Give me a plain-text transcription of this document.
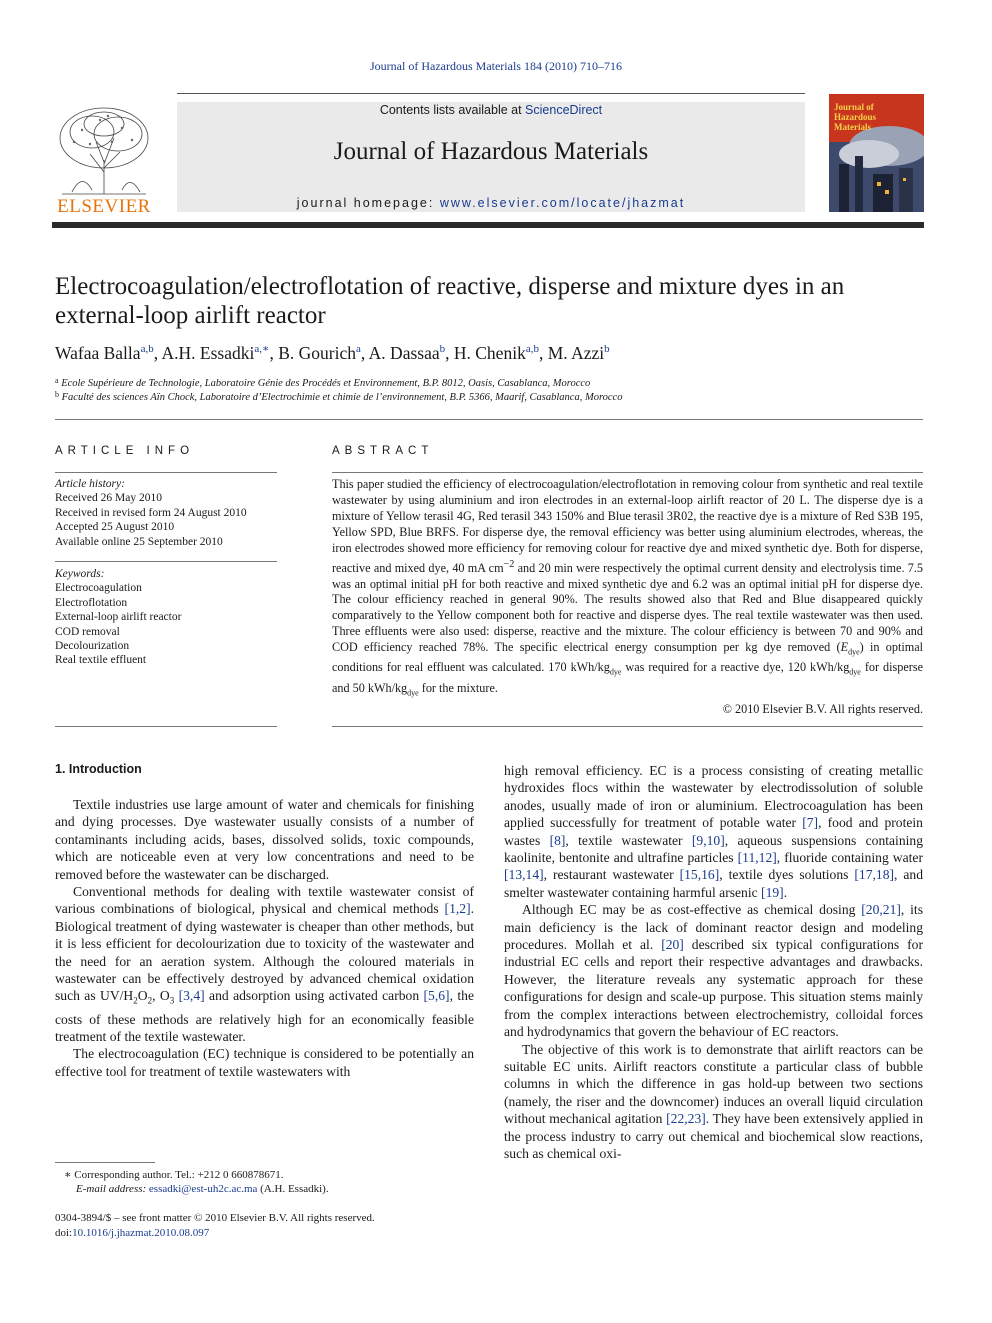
Journal of Hazardous Materials 184 (2010) 710–716
ELSEVIER
Contents lists available at ScienceDirect
Journal of Hazardous Materials
journal homepage: www.elsevier.com/locate/jhazmat
Journal of Hazardous Materials
Electrocoagulation/electroflotation of reactive, disperse and mixture dyes in an external-loop airlift reactor
Wafaa Balla$^{a,b}$, A.H. Essadki$^{a,∗}$, B. Gourich$^a$, A. Dassaa$^b$, H. Chenik$^{a,b}$, M. Azzi$^b$
$^a$ Ecole Supérieure de Technologie, Laboratoire Génie des Procédés et Environnement, B.P. 8012, Oasis, Casablanca, Morocco
$^b$ Faculté des sciences Aïn Chock, Laboratoire d’Electrochimie et chimie de l’environnement, B.P. 5366, Maarif, Casablanca, Morocco
ARTICLE INFO
Article history:
Received 26 May 2010
Received in revised form 24 August 2010
Accepted 25 August 2010
Available online 25 September 2010
Keywords:
Electrocoagulation
Electroflotation
External-loop airlift reactor
COD removal
Decolourization
Real textile effluent
ABSTRACT
This paper studied the efficiency of electrocoagulation/electroflotation in removing colour from synthetic and real textile wastewater by using aluminium and iron electrodes in an external-loop airlift reactor of 20 L. The disperse dye is a mixture of Yellow terasil 4G, Red terasil 343 150% and Blue terasil 3R02, the reactive dye is a mixture of Red S3B 195, Yellow SPD, Blue BRFS. For disperse dye, the removal efficiency was better using aluminium electrodes, whereas, the iron electrodes showed more efficiency for removing colour for reactive dye and mixed synthetic dye. Both for disperse, reactive and mixed dye, 40 mA $cm^{-2}$ and 20 min were respectively the optimal current density and electrolysis time. 7.5 was an optimal initial pH for both reactive and mixed synthetic dye and 6.2 was an optimal initial pH for disperse dye. The colour efficiency reached in general 90%. The results showed also that Red and Blue disappeared quickly comparatively to the Yellow component both for reactive and disperse dyes. The real textile wastewater was then used. Three effluents were also used: disperse, reactive and the mixture. The colour efficiency is between 70 and 90% and COD efficiency reached 78%. The specific electrical energy consumption per kg dye removed $(E_{dye})$ in optimal conditions for real effluent was calculated. 170 kWh/$kg_{dye}$ was required for a reactive dye, 120 kWh/$kg_{dye}$ for disperse and 50 kWh/$kg_{dye}$ for the mixture.
© 2010 Elsevier B.V. All rights reserved.
1. Introduction

Textile industries use large amount of water and chemicals for finishing and dying processes. Dye wastewater usually consists of a number of contaminants including acids, bases, dissolved solids, toxic compounds, which are noticeable even at very low concentrations and need to be removed before the wastewater can be discharged.

Conventional methods for dealing with textile wastewater consist of various combinations of biological, physical and chemical methods [1,2]. Biological treatment of dying wastewater is cheaper than other methods, but it is less efficient for decolourization due to toxicity of the wastewater and the need for an aeration system. Although the coloured materials in wastewater can be effectively destroyed by advanced chemical oxidation such as $UV/H_2O_2$, $O_3$ [3,4] and adsorption using activated carbon [5,6], the costs of these methods are relatively high for an economically feasible treatment of the textile wastewater.

The electrocoagulation (EC) technique is considered to be potentially an effective tool for treatment of textile wastewaters with

high removal efficiency. EC is a process consisting of creating metallic hydroxides flocs within the wastewater by electrodissolution of soluble anodes, usually made of iron or aluminium. Electrocoagulation has been applied successfully for treatment of potable water [7], food and protein wastes [8], textile wastewater [9,10], aqueous suspensions containing kaolinite, bentonite and ultrafine particles [11,12], fluoride containing water [13,14], restaurant wastewater [15,16], textile dyes solutions [17,18], and smelter wastewater containing harmful arsenic [19].

Although EC may be as cost-effective as chemical dosing [20,21], its main deficiency is the lack of dominant reactor design and modeling procedures. Mollah et al. [20] described six typical configurations for industrial EC cells and report their respective advantages and drawbacks. However, the literature reveals any systematic approach for these configurations for design and scale-up purpose. This situation stems mainly from the complex interactions between electrochemistry, colloidal forces and hydrodynamics that govern the behaviour of EC reactors.

The objective of this work is to demonstrate that airlift reactors can be suitable EC units. Airlift reactors constitute a particular class of bubble columns in which the difference in gas hold-up between two sections (namely, the riser and the downcomer) induces an overall liquid circulation without mechanical agitation [22,23]. They have been extensively applied in the process industry to carry out chemical and biochemical slow reactions, such as chemical oxi-

∗ Corresponding author. Tel.: +212 0 660878671.
E-mail address: essadki@est-uh2c.ac.ma (A.H. Essadki).
0304-3894/$ – see front matter © 2010 Elsevier B.V. All rights reserved.
doi:10.1016/j.jhazmat.2010.08.097
